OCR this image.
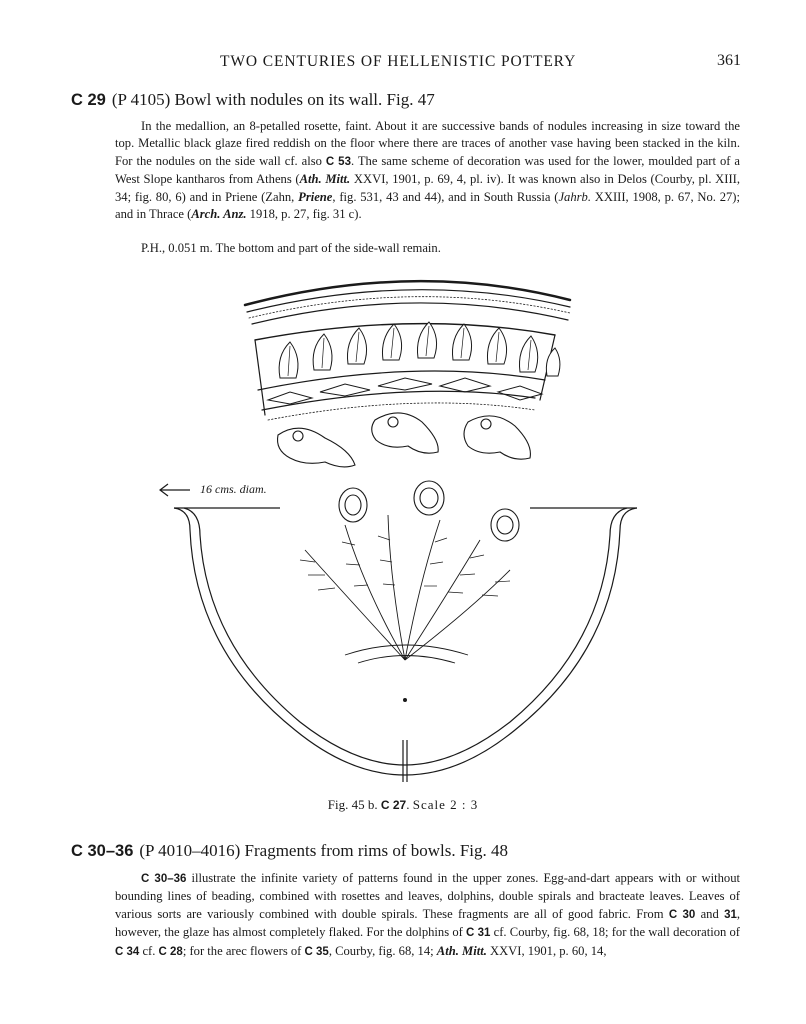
TWO CENTURIES OF HELLENISTIC POTTERY	361
C 29 (P 4105) Bowl with nodules on its wall. Fig. 47

In the medallion, an 8-petalled rosette, faint. About it are successive bands of nodules increasing in size toward the top. Metallic black glaze fired reddish on the floor where there are traces of another vase having been stacked in the kiln. For the nodules on the side wall cf. also C 53. The same scheme of decoration was used for the lower, moulded part of a West Slope kantharos from Athens (Ath. Mitt. XXVI, 1901, p. 69, 4, pl. iv). It was known also in Delos (Courby, pl. XIII, 34; fig. 80, 6) and in Priene (Zahn, Priene, fig. 531, 43 and 44), and in South Russia (Jahrb. XXIII, 1908, p. 67, No. 27); and in Thrace (Arch. Anz. 1918, p. 27, fig. 31 c).

P.H., 0.051 m. The bottom and part of the side-wall remain.

16 cms. diam.
Fig. 45 b. C 27. Scale 2 : 3
C 30–36 (P 4010–4016) Fragments from rims of bowls. Fig. 48

C 30–36 illustrate the infinite variety of patterns found in the upper zones. Egg-and-dart appears with or without bounding lines of beading, combined with rosettes and leaves, dolphins, double spirals and bracteate leaves. Leaves of various sorts are variously combined with double spirals. These fragments are all of good fabric. From C 30 and 31, however, the glaze has almost completely flaked. For the dolphins of C 31 cf. Courby, fig. 68, 18; for the wall decoration of C 34 cf. C 28; for the arec flowers of C 35, Courby, fig. 68, 14; Ath. Mitt. XXVI, 1901, p. 60, 14,
